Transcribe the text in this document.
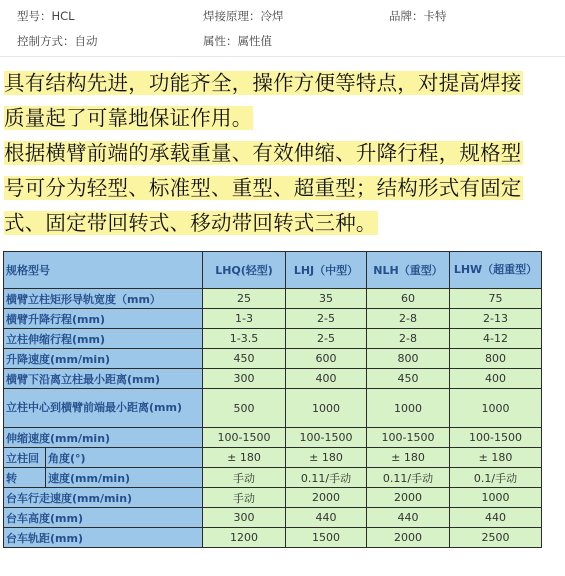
型号：HCL	焊接原理：冷焊	品牌：卡特
控制方式：自动	属性：属性值
具有结构先进，功能齐全，操作方便等特点，对提高焊接
质量起了可靠地保证作用。
根据横臂前端的承载重量、有效伸缩、升降行程，规格型
号可分为轻型、标准型、重型、超重型；结构形式有固定
式、固定带回转式、移动带回转式三种。
规格型号		LHQ(轻型)	LHJ（中型）	NLH（重型）	LHW（超重型）
横臂立柱矩形导轨宽度（mm）		25	35	60	75
横臂升降行程(mm)		1-3	2-5	2-8	2-13
立柱伸缩行程(mm)		1-3.5	2-5	2-8	4-12
升降速度(mm/min)		450	600	800	800
横臂下沿离立柱最小距离(mm)		300	400	450	400
立柱中心到横臂前端最小距离(mm)		500	1000	1000	1000
伸缩速度(mm/min)		100-1500	100-1500	100-1500	100-1500
立柱回	角度(°)	± 180	± 180	± 180	± 180
转	速度(mm/min)	手动	0.11/手动	0.11/手动	0.1/手动
台车行走速度(mm/min)		手动	2000	2000	1000
台车高度(mm)		300	440	440	440
台车轨距(mm)		1200	1500	2000	2500
